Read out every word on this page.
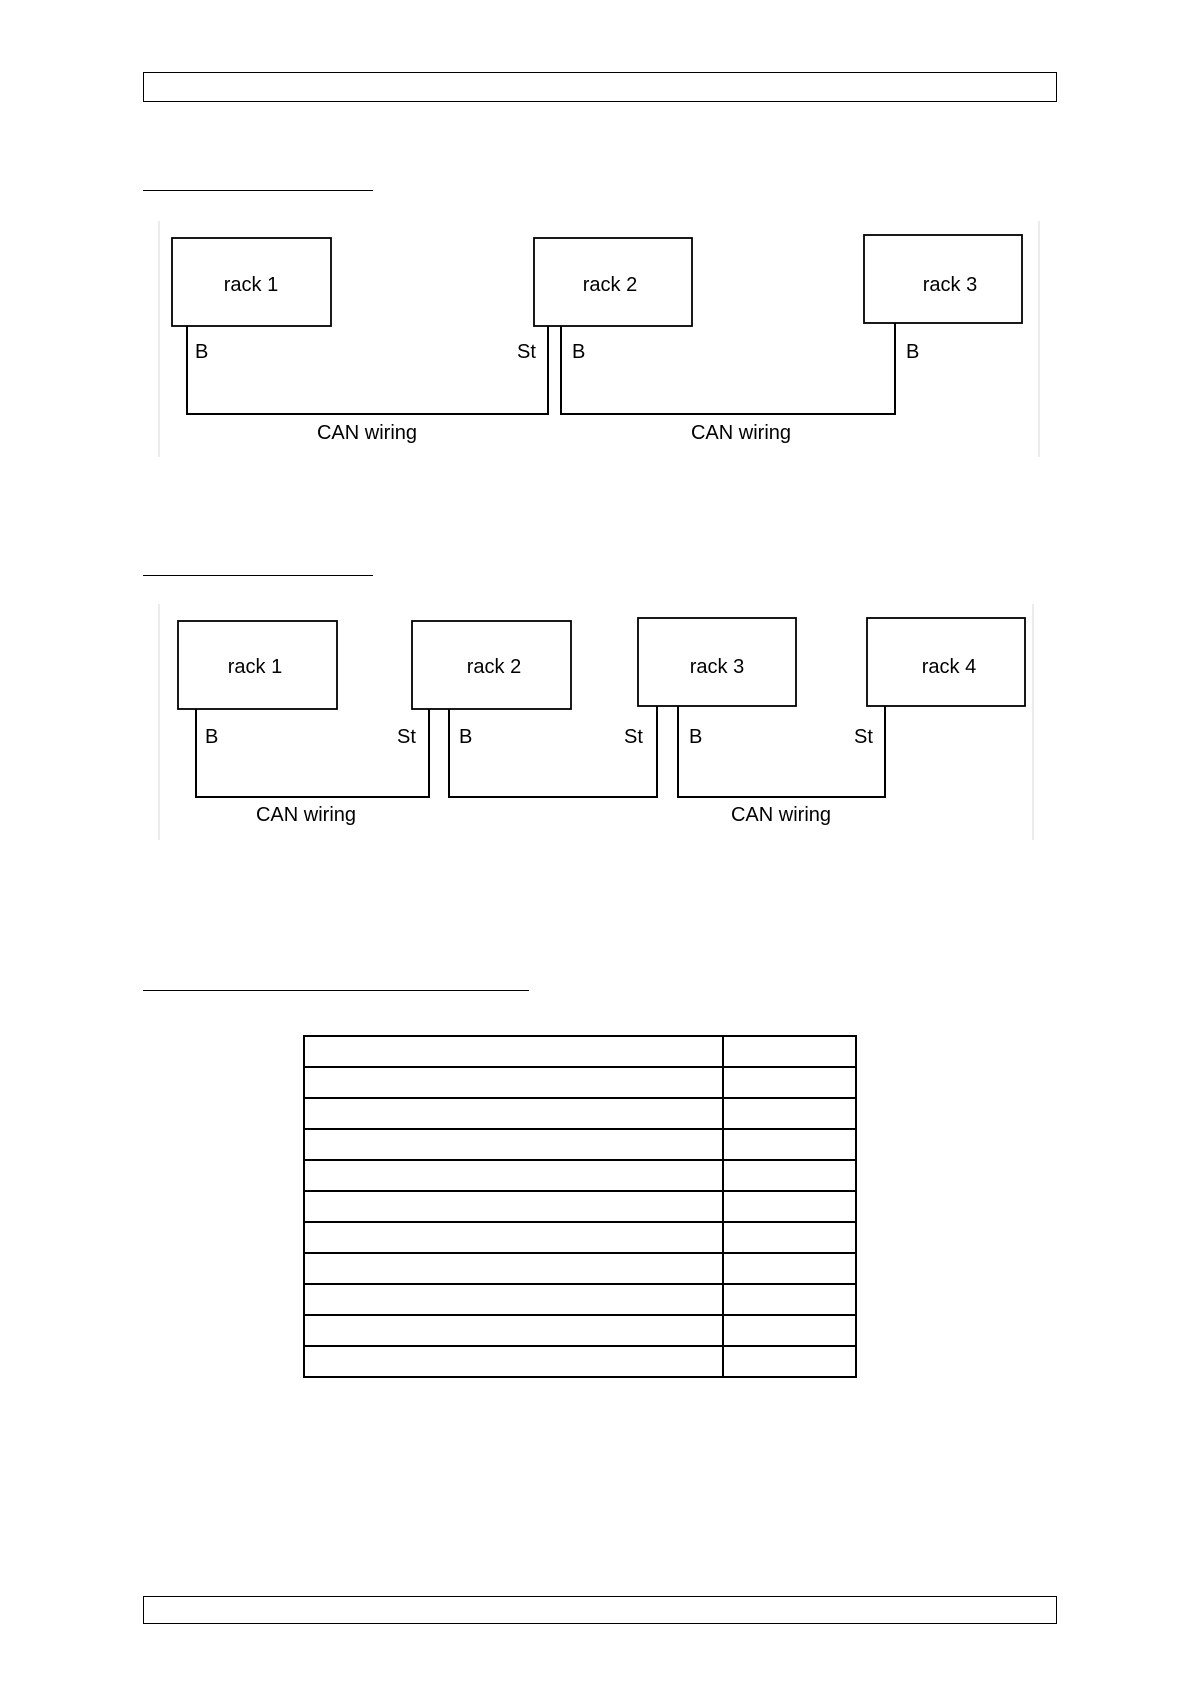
rack 1	rack 2	rack 3
B	St B	B
CAN wiring	CAN wiring
rack 1	rack 2	rack 3	rack 4
B	St B	St B	St
CAN wiring	CAN wiring
